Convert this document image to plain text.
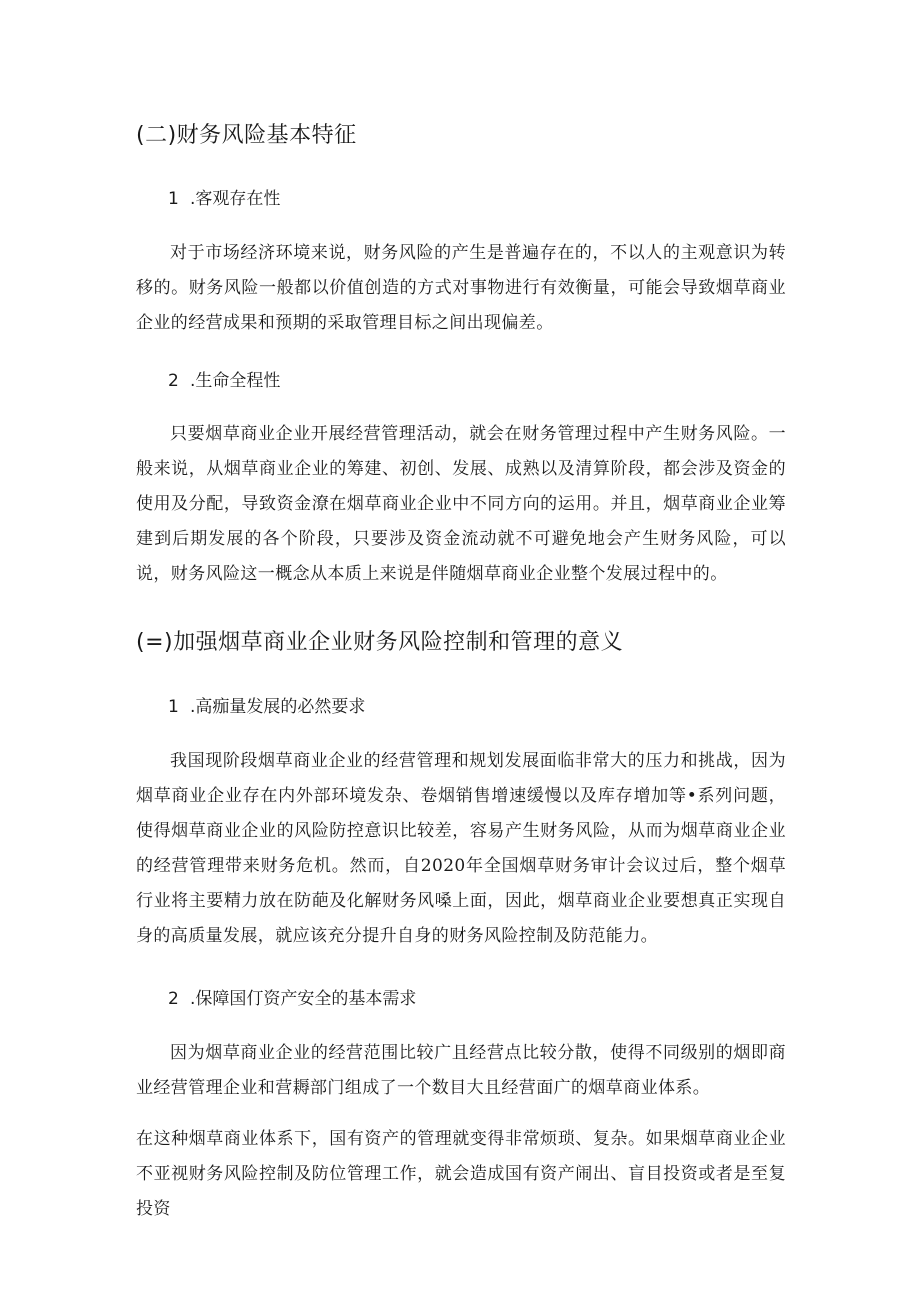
(二)财务风险基本特征
1 .客观存在性

对于市场经济环境来说，财务风险的产生是普遍存在的，不以人的主观意识为转移的。财务风险一般都以价值创造的方式对事物进行有效衡量，可能会导致烟草商业企业的经营成果和预期的采取管理目标之间出现偏差。

2 .生命全程性

只要烟草商业企业开展经营管理活动，就会在财务管理过程中产生财务风险。一般来说，从烟草商业企业的筹建、初创、发展、成熟以及清算阶段，都会涉及资金的使用及分配，导致资金潦在烟草商业企业中不同方向的运用。并且，烟草商业企业筹建到后期发展的各个阶段，只要涉及资金流动就不可避免地会产生财务风险，可以说，财务风险这一概念从本质上来说是伴随烟草商业企业整个发展过程中的。

(=)加强烟草商业企业财务风险控制和管理的意义
1 .高痂量发展的必然要求

我国现阶段烟草商业企业的经营管理和规划发展面临非常大的压力和挑战，因为烟草商业企业存在内外部环境发杂、卷烟销售增速缓慢以及库存增加等•系列问题，使得烟草商业企业的风险防控意识比较差，容易产生财务风险，从而为烟草商业企业的经营管理带来财务危机。然而，自2020年全国烟草财务审计会议过后，整个烟草行业将主要精力放在防葩及化解财务风嗓上面，因此，烟草商业企业要想真正实现自身的高质量发展，就应该充分提升自身的财务风险控制及防范能力。

2 .保障国仃资产安全的基本需求

因为烟草商业企业的经营范围比较广且经营点比较分散，使得不同级别的烟即商业经营管理企业和营耨部门组成了一个数目大且经营面广的烟草商业体系。

在这种烟草商业体系下，国有资产的管理就变得非常烦琐、复杂。如果烟草商业企业不亚视财务风险控制及防位管理工作，就会造成国有资产闹出、盲目投资或者是至复投资
